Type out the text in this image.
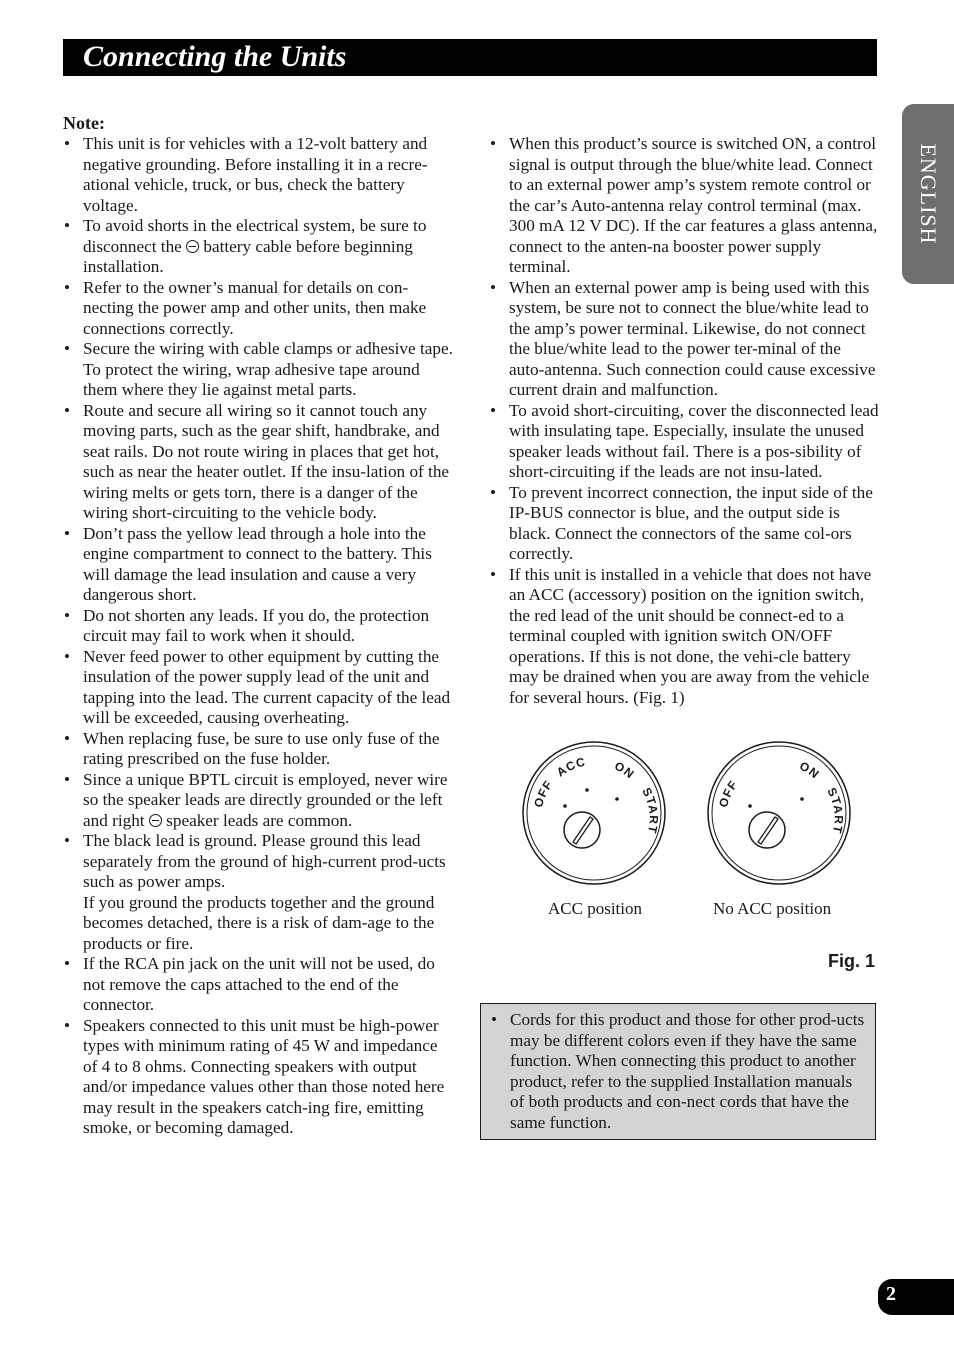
Connecting the Units
ENGLISH
Note:
• This unit is for vehicles with a 12-volt battery and negative grounding. Before installing it in a recre-ational vehicle, truck, or bus, check the battery voltage.
• To avoid shorts in the electrical system, be sure to disconnect the battery cable before beginning installation.
• Refer to the owner’s manual for details on con-necting the power amp and other units, then make connections correctly.
• Secure the wiring with cable clamps or adhesive tape. To protect the wiring, wrap adhesive tape around them where they lie against metal parts.
• Route and secure all wiring so it cannot touch any moving parts, such as the gear shift, handbrake, and seat rails. Do not route wiring in places that get hot, such as near the heater outlet. If the insu-lation of the wiring melts or gets torn, there is a danger of the wiring short-circuiting to the vehicle body.
• Don’t pass the yellow lead through a hole into the engine compartment to connect to the battery. This will damage the lead insulation and cause a very dangerous short.
• Do not shorten any leads. If you do, the protection circuit may fail to work when it should.
• Never feed power to other equipment by cutting the insulation of the power supply lead of the unit and tapping into the lead. The current capacity of the lead will be exceeded, causing overheating.
• When replacing fuse, be sure to use only fuse of the rating prescribed on the fuse holder.
• Since a unique BPTL circuit is employed, never wire so the speaker leads are directly grounded or the left and right speaker leads are common.
• The black lead is ground. Please ground this lead separately from the ground of high-current prod-ucts such as power amps.
If you ground the products together and the ground becomes detached, there is a risk of dam-age to the products or fire.
• If the RCA pin jack on the unit will not be used, do not remove the caps attached to the end of the connector.
• Speakers connected to this unit must be high-power types with minimum rating of 45 W and impedance of 4 to 8 ohms. Connecting speakers with output and/or impedance values other than those noted here may result in the speakers catch-ing fire, emitting smoke, or becoming damaged.
• When this product’s source is switched ON, a control signal is output through the blue/white lead. Connect to an external power amp’s system remote control or the car’s Auto-antenna relay control terminal (max. 300 mA 12 V DC). If the car features a glass antenna, connect to the anten-na booster power supply terminal.
• When an external power amp is being used with this system, be sure not to connect the blue/white lead to the amp’s power terminal. Likewise, do not connect the blue/white lead to the power ter-minal of the auto-antenna. Such connection could cause excessive current drain and malfunction.
• To avoid short-circuiting, cover the disconnected lead with insulating tape. Especially, insulate the unused speaker leads without fail. There is a pos-sibility of short-circuiting if the leads are not insu-lated.
• To prevent incorrect connection, the input side of the IP-BUS connector is blue, and the output side is black. Connect the connectors of the same col-ors correctly.
• If this unit is installed in a vehicle that does not have an ACC (accessory) position on the ignition switch, the red lead of the unit should be connect-ed to a terminal coupled with ignition switch ON/OFF operations. If this is not done, the vehi-cle battery may be drained when you are away from the vehicle for several hours. (Fig. 1)
OFF
ACC ON
START
OFF
ON
START
ACC position	No ACC position
Fig. 1
• Cords for this product and those for other prod-ucts may be different colors even if they have the same function. When connecting this product to another product, refer to the supplied Installation manuals of both products and con-nect cords that have the same function.
2
